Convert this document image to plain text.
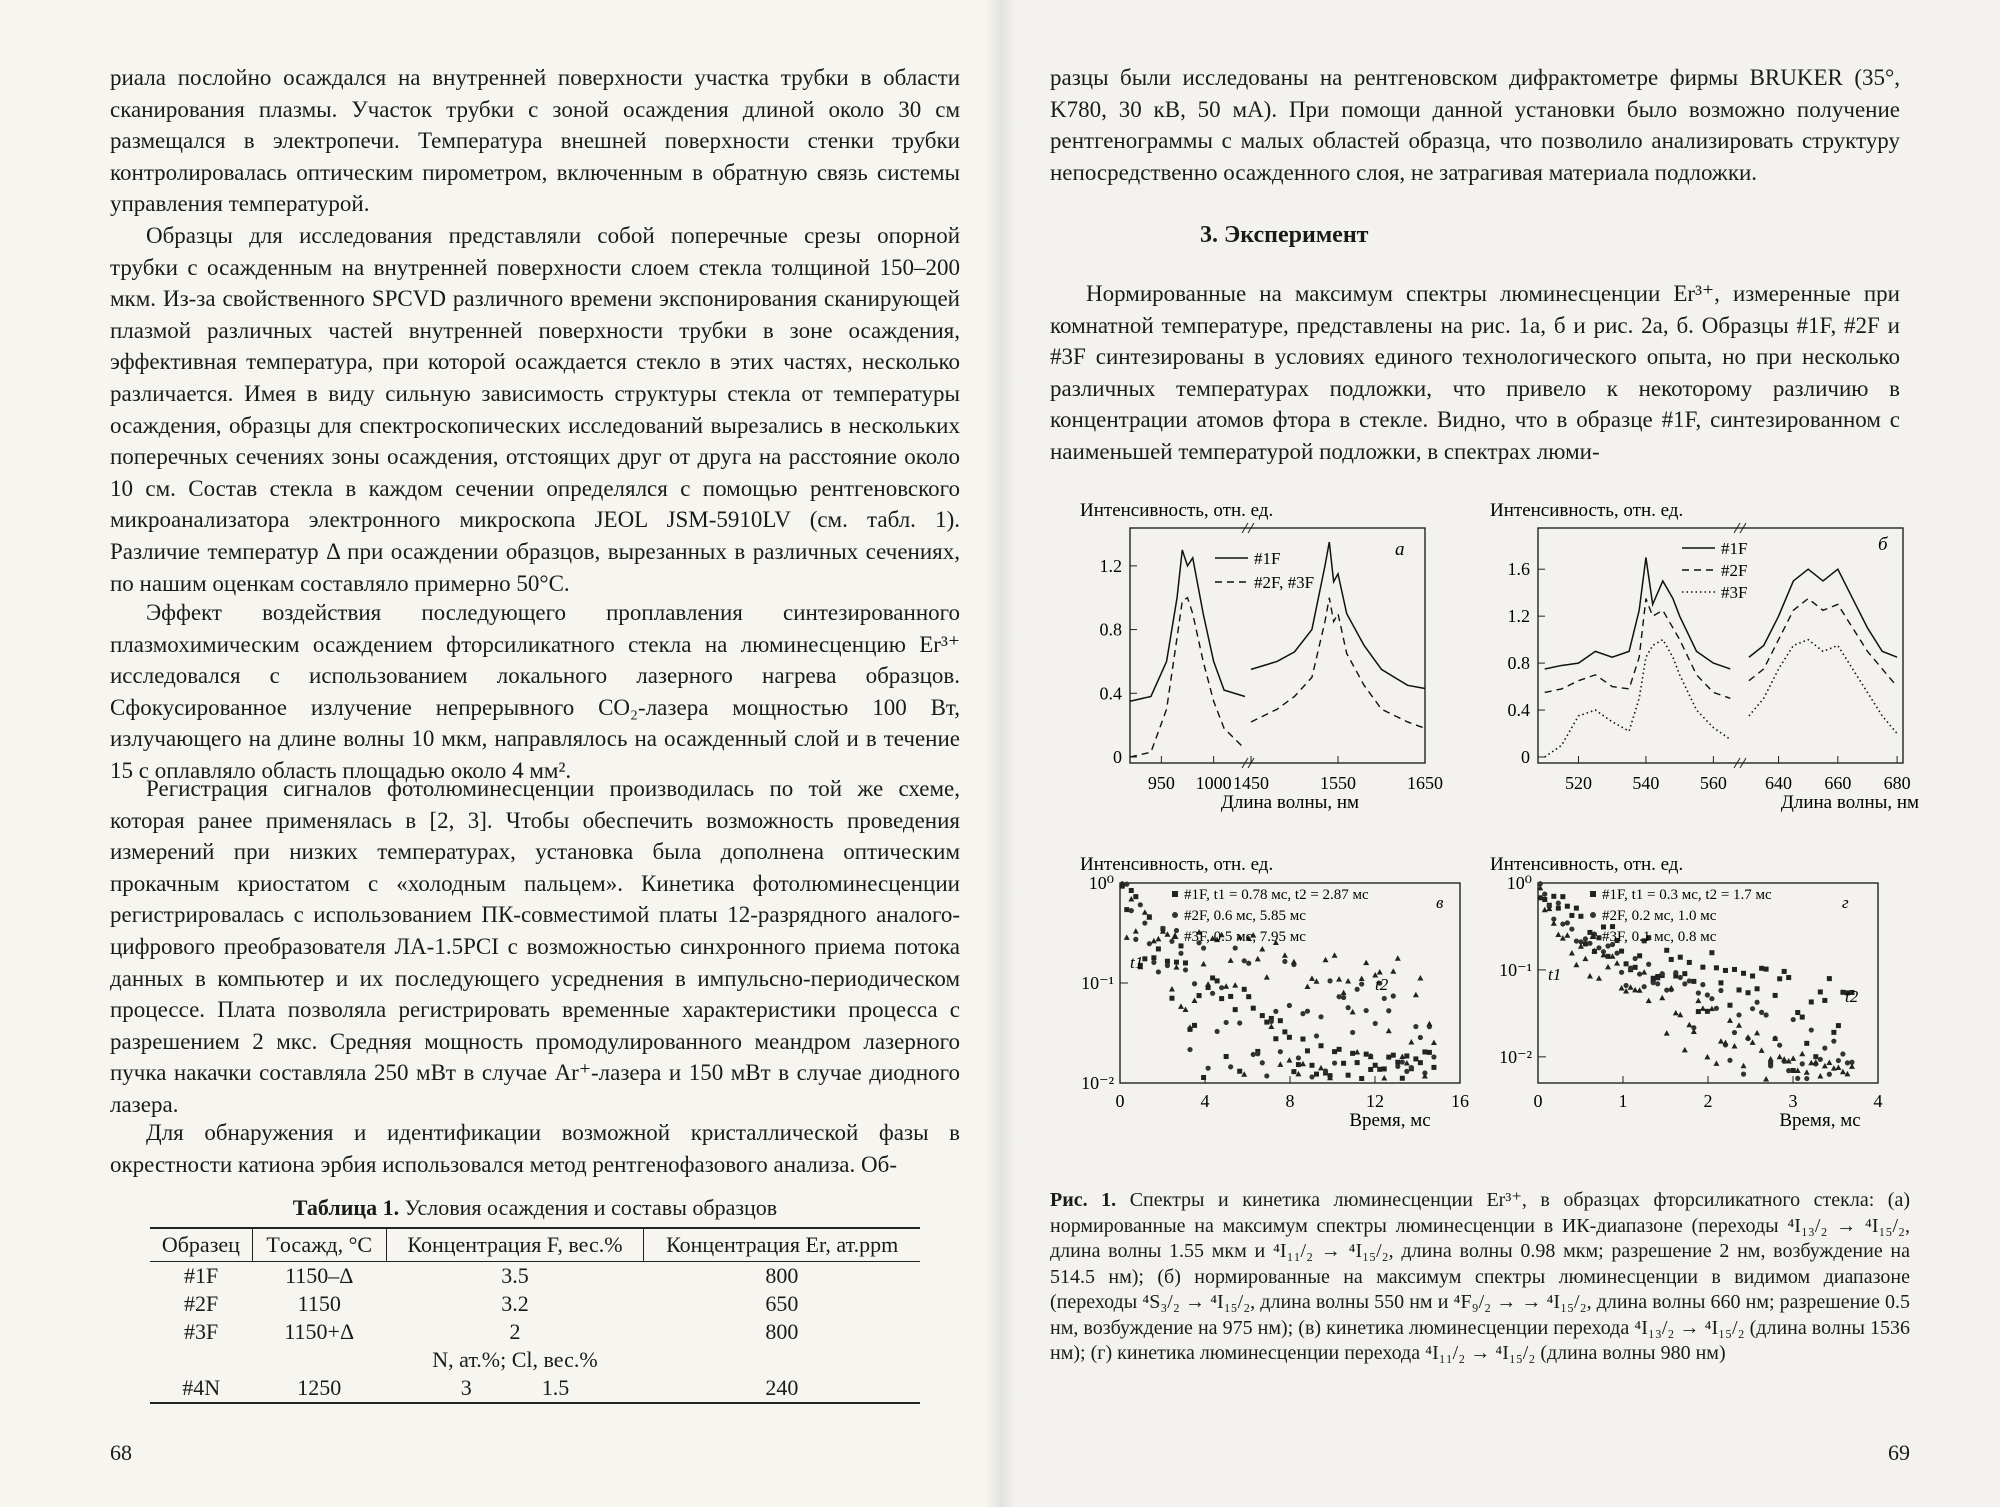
риала послойно осаждался на внутренней поверхности участка трубки в области сканирования плазмы. Участок трубки с зоной осаждения длиной около 30 см размещался в электропечи. Температура внешней поверхности стенки трубки контролировалась оптическим пирометром, включенным в обратную связь системы управления температурой.

Образцы для исследования представляли собой поперечные срезы опорной трубки с осажденным на внутренней поверхности слоем стекла толщиной 150–200 мкм. Из-за свойственного SPCVD различного времени экспонирования сканирующей плазмой различных частей внутренней поверхности трубки в зоне осаждения, эффективная температура, при которой осаждается стекло в этих частях, несколько различается. Имея в виду сильную зависимость структуры стекла от температуры осаждения, образцы для спектроскопических исследований вырезались в нескольких поперечных сечениях зоны осаждения, отстоящих друг от друга на расстояние около 10 см. Состав стекла в каждом сечении определялся с помощью рентгеновского микроанализатора электронного микроскопа JEOL JSM-5910LV (см. табл. 1). Различие температур Δ при осаждении образцов, вырезанных в различных сечениях, по нашим оценкам составляло примерно 50°C.

Эффект воздействия последующего проплавления синтезированного плазмохимическим осаждением фторсиликатного стекла на люминесценцию Er³⁺ исследовался с использованием локального лазерного нагрева образцов. Сфокусированное излучение непрерывного CO₂-лазера мощностью 100 Вт, излучающего на длине волны 10 мкм, направлялось на осажденный слой и в течение 15 с оплавляло область площадью около 4 мм².

Регистрация сигналов фотолюминесценции производилась по той же схеме, которая ранее применялась в [2, 3]. Чтобы обеспечить возможность проведения измерений при низких температурах, установка была дополнена оптическим прокачным криостатом с «холодным пальцем». Кинетика фотолюминесценции регистрировалась с использованием ПК-совместимой платы 12-разрядного аналого-цифрового преобразователя ЛА-1.5PCI с возможностью синхронного приема потока данных в компьютер и их последующего усреднения в импульсно-периодическом процессе. Плата позволяла регистрировать временные характеристики процесса с разрешением 2 мкс. Средняя мощность промодулированного меандром лазерного пучка накачки составляла 250 мВт в случае Ar⁺-лазера и 150 мВт в случае диодного лазера.

Для обнаружения и идентификации возможной кристаллической фазы в окрестности катиона эрбия использовался метод рентгенофазового анализа. Об-

Таблица 1. Условия осаждения и составы образцов
Образец	Tосажд, °C	Концентрация F, вес.%	Концентрация Er, ат.ppm
#1F	1150–Δ	3.5	800
#2F	1150	3.2	650
#3F	1150+Δ	2	800
		N, ат.%; Cl, вес.%	
#4N	1250	3 1.5	240
68

разцы были исследованы на рентгеновском дифрактометре фирмы BRUKER (35°, K780, 30 кВ, 50 мА). При помощи данной установки было возможно получение рентгенограммы с малых областей образца, что позволило анализировать структуру непосредственно осажденного слоя, не затрагивая материала подложки.

3. Эксперимент

Нормированные на максимум спектры люминесценции Er³⁺, измеренные при комнатной температуре, представлены на рис. 1а, б и рис. 2а, б. Образцы #1F, #2F и #3F синтезированы в условиях единого технологического опыта, но при несколько различных температурах подложки, что привело к некоторому различию в концентрации атомов фтора в стекле. Видно, что в образце #1F, синтезированном с наименьшей температурой подложки, в спектрах люми-

Интенсивность, отн. ед.
0
0.4
0.8
1.2
950 1000 1450	1550	1650
#1F
#2F, #3F
а
Длина волны, нм
Интенсивность, отн. ед.
0
0.4
0.8
1.2
1.6
520 540 560 640 660 680
#1F
#2F
#3F
б
Длина волны, нм
Интенсивность, отн. ед.
10⁰
10⁻¹
10⁻²
0	4	8	12	16
#1F, t1 = 0.78 мс, t2 = 2.87 мс
#2F, 0.6 мс, 5.85 мс
#3F, 0.5 мс, 7.95 мс
в
t1
t2
Время, мс
Интенсивность, отн. ед.
10⁰
10⁻¹
10⁻²
0	1	2	3	4
#1F, t1 = 0.3 мс, t2 = 1.7 мс
#2F, 0.2 мс, 1.0 мс
#3F, 0.1 мс, 0.8 мс
г
t1
t2
Время, мс

Рис. 1. Спектры и кинетика люминесценции Er³⁺, в образцах фторсиликатного стекла: (а) нормированные на максимум спектры люминесценции в ИК-диапазоне (переходы ⁴I₁₃/₂ → ⁴I₁₅/₂, длина волны 1.55 мкм и ⁴I₁₁/₂ → ⁴I₁₅/₂, длина волны 0.98 мкм; разрешение 2 нм, возбуждение на 514.5 нм); (б) нормированные на максимум спектры люминесценции в видимом диапазоне (переходы ⁴S₃/₂ → ⁴I₁₅/₂, длина волны 550 нм и ⁴F₉/₂ → → ⁴I₁₅/₂, длина волны 660 нм; разрешение 0.5 нм, возбуждение на 975 нм); (в) кинетика люминесценции перехода ⁴I₁₃/₂ → ⁴I₁₅/₂ (длина волны 1536 нм); (г) кинетика люминесценции перехода ⁴I₁₁/₂ → ⁴I₁₅/₂ (длина волны 980 нм)

69
